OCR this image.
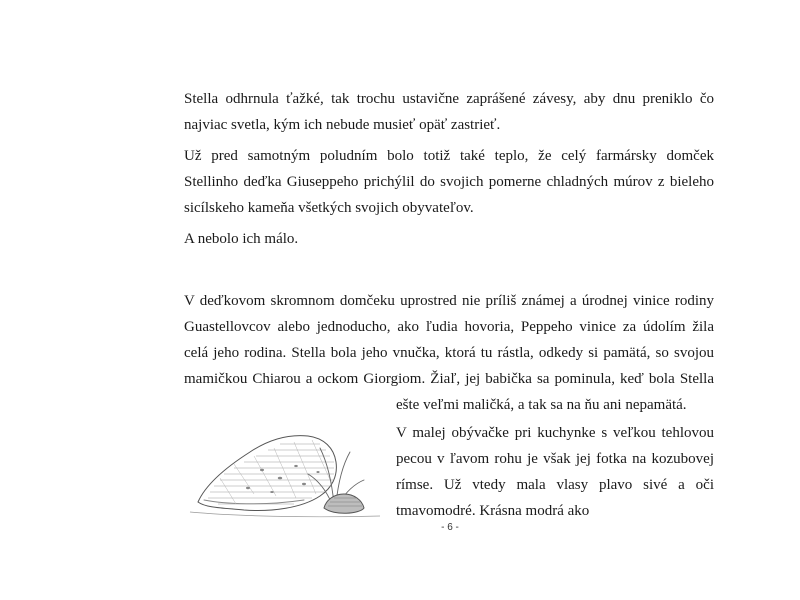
Stella odhrnula ťažké, tak trochu ustavične zaprášené závesy, aby dnu preniklo čo
najviac svetla, kým ich nebude musieť opäť zastrieť.

Už pred samotným poludním bolo totiž také teplo, že celý farmársky domček
Stellinho deďka Giuseppeho prichýlil do svojich pomerne chladných múrov z bieleho
sicílskeho kameňa všetkých svojich obyvateľov.

A nebolo ich málo.

V deďkovom skromnom domčeku uprostred nie príliš známej a úrodnej vinice rodiny
Guastellovcov alebo jednoducho, ako ľudia hovoria, Peppeho vinice za údolím žila
celá jeho rodina. Stella bola jeho vnučka, ktorá tu rástla, odkedy si pamätá, so svojou
mamičkou Chiarou a ockom Giorgiom. Žiaľ, jej babička sa pominula, keď bola Stella

ešte veľmi maličká, a tak sa na ňu ani nepamätá.

V malej obývačke pri kuchynke s veľkou tehlovou
pecou v ľavom rohu je však jej fotka na kozubovej
rímse. Už vtedy mala vlasy plavo sivé a oči
tmavomodré. Krásna modrá ako

- 6 -
